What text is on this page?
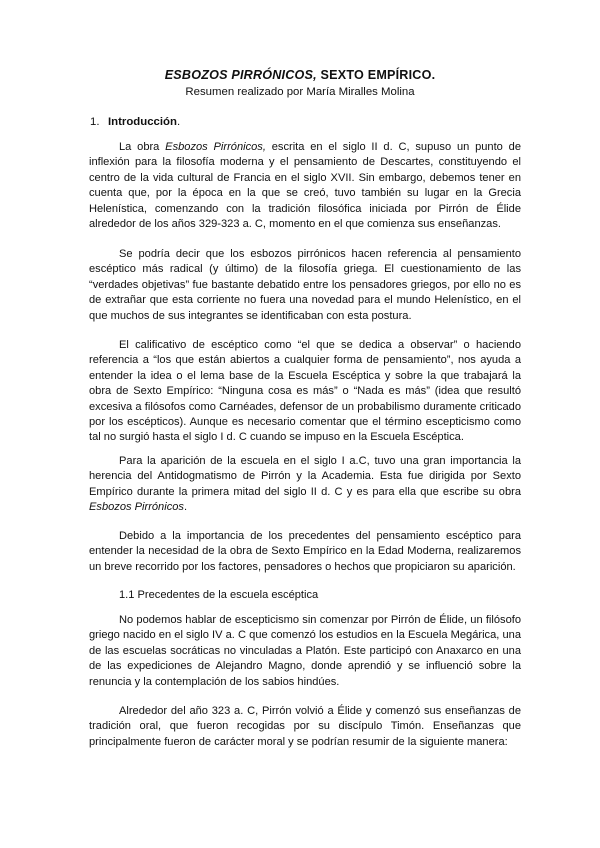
ESBOZOS PIRRÓNICOS, SEXTO EMPÍRICO.
Resumen realizado por María Miralles Molina
1. Introducción.

La obra Esbozos Pirrónicos, escrita en el siglo II d. C, supuso un punto de inflexión para la filosofía moderna y el pensamiento de Descartes, constituyendo el centro de la vida cultural de Francia en el siglo XVII. Sin embargo, debemos tener en cuenta que, por la época en la que se creó, tuvo también su lugar en la Grecia Helenística, comenzando con la tradición filosófica iniciada por Pirrón de Élide alrededor de los años 329-323 a. C, momento en el que comienza sus enseñanzas.

Se podría decir que los esbozos pirrónicos hacen referencia al pensamiento escéptico más radical (y último) de la filosofía griega. El cuestionamiento de las “verdades objetivas” fue bastante debatido entre los pensadores griegos, por ello no es de extrañar que esta corriente no fuera una novedad para el mundo Helenístico, en el que muchos de sus integrantes se identificaban con esta postura.

El calificativo de escéptico como “el que se dedica a observar” o haciendo referencia a “los que están abiertos a cualquier forma de pensamiento”, nos ayuda a entender la idea o el lema base de la Escuela Escéptica y sobre la que trabajará la obra de Sexto Empírico: “Ninguna cosa es más” o “Nada es más” (idea que resultó excesiva a filósofos como Carnéades, defensor de un probabilismo duramente criticado por los escépticos). Aunque es necesario comentar que el término escepticismo como tal no surgió hasta el siglo I d. C cuando se impuso en la Escuela Escéptica.

Para la aparición de la escuela en el siglo I a.C, tuvo una gran importancia la herencia del Antidogmatismo de Pirrón y la Academia. Esta fue dirigida por Sexto Empírico durante la primera mitad del siglo II d. C y es para ella que escribe su obra Esbozos Pirrónicos.

Debido a la importancia de los precedentes del pensamiento escéptico para entender la necesidad de la obra de Sexto Empírico en la Edad Moderna, realizaremos un breve recorrido por los factores, pensadores o hechos que propiciaron su aparición.

1.1 Precedentes de la escuela escéptica

No podemos hablar de escepticismo sin comenzar por Pirrón de Élide, un filósofo griego nacido en el siglo IV a. C que comenzó los estudios en la Escuela Megárica, una de las escuelas socráticas no vinculadas a Platón. Este participó con Anaxarco en una de las expediciones de Alejandro Magno, donde aprendió y se influenció sobre la renuncia y la contemplación de los sabios hindúes.

Alrededor del año 323 a. C, Pirrón volvió a Élide y comenzó sus enseñanzas de tradición oral, que fueron recogidas por su discípulo Timón. Enseñanzas que principalmente fueron de carácter moral y se podrían resumir de la siguiente manera:
